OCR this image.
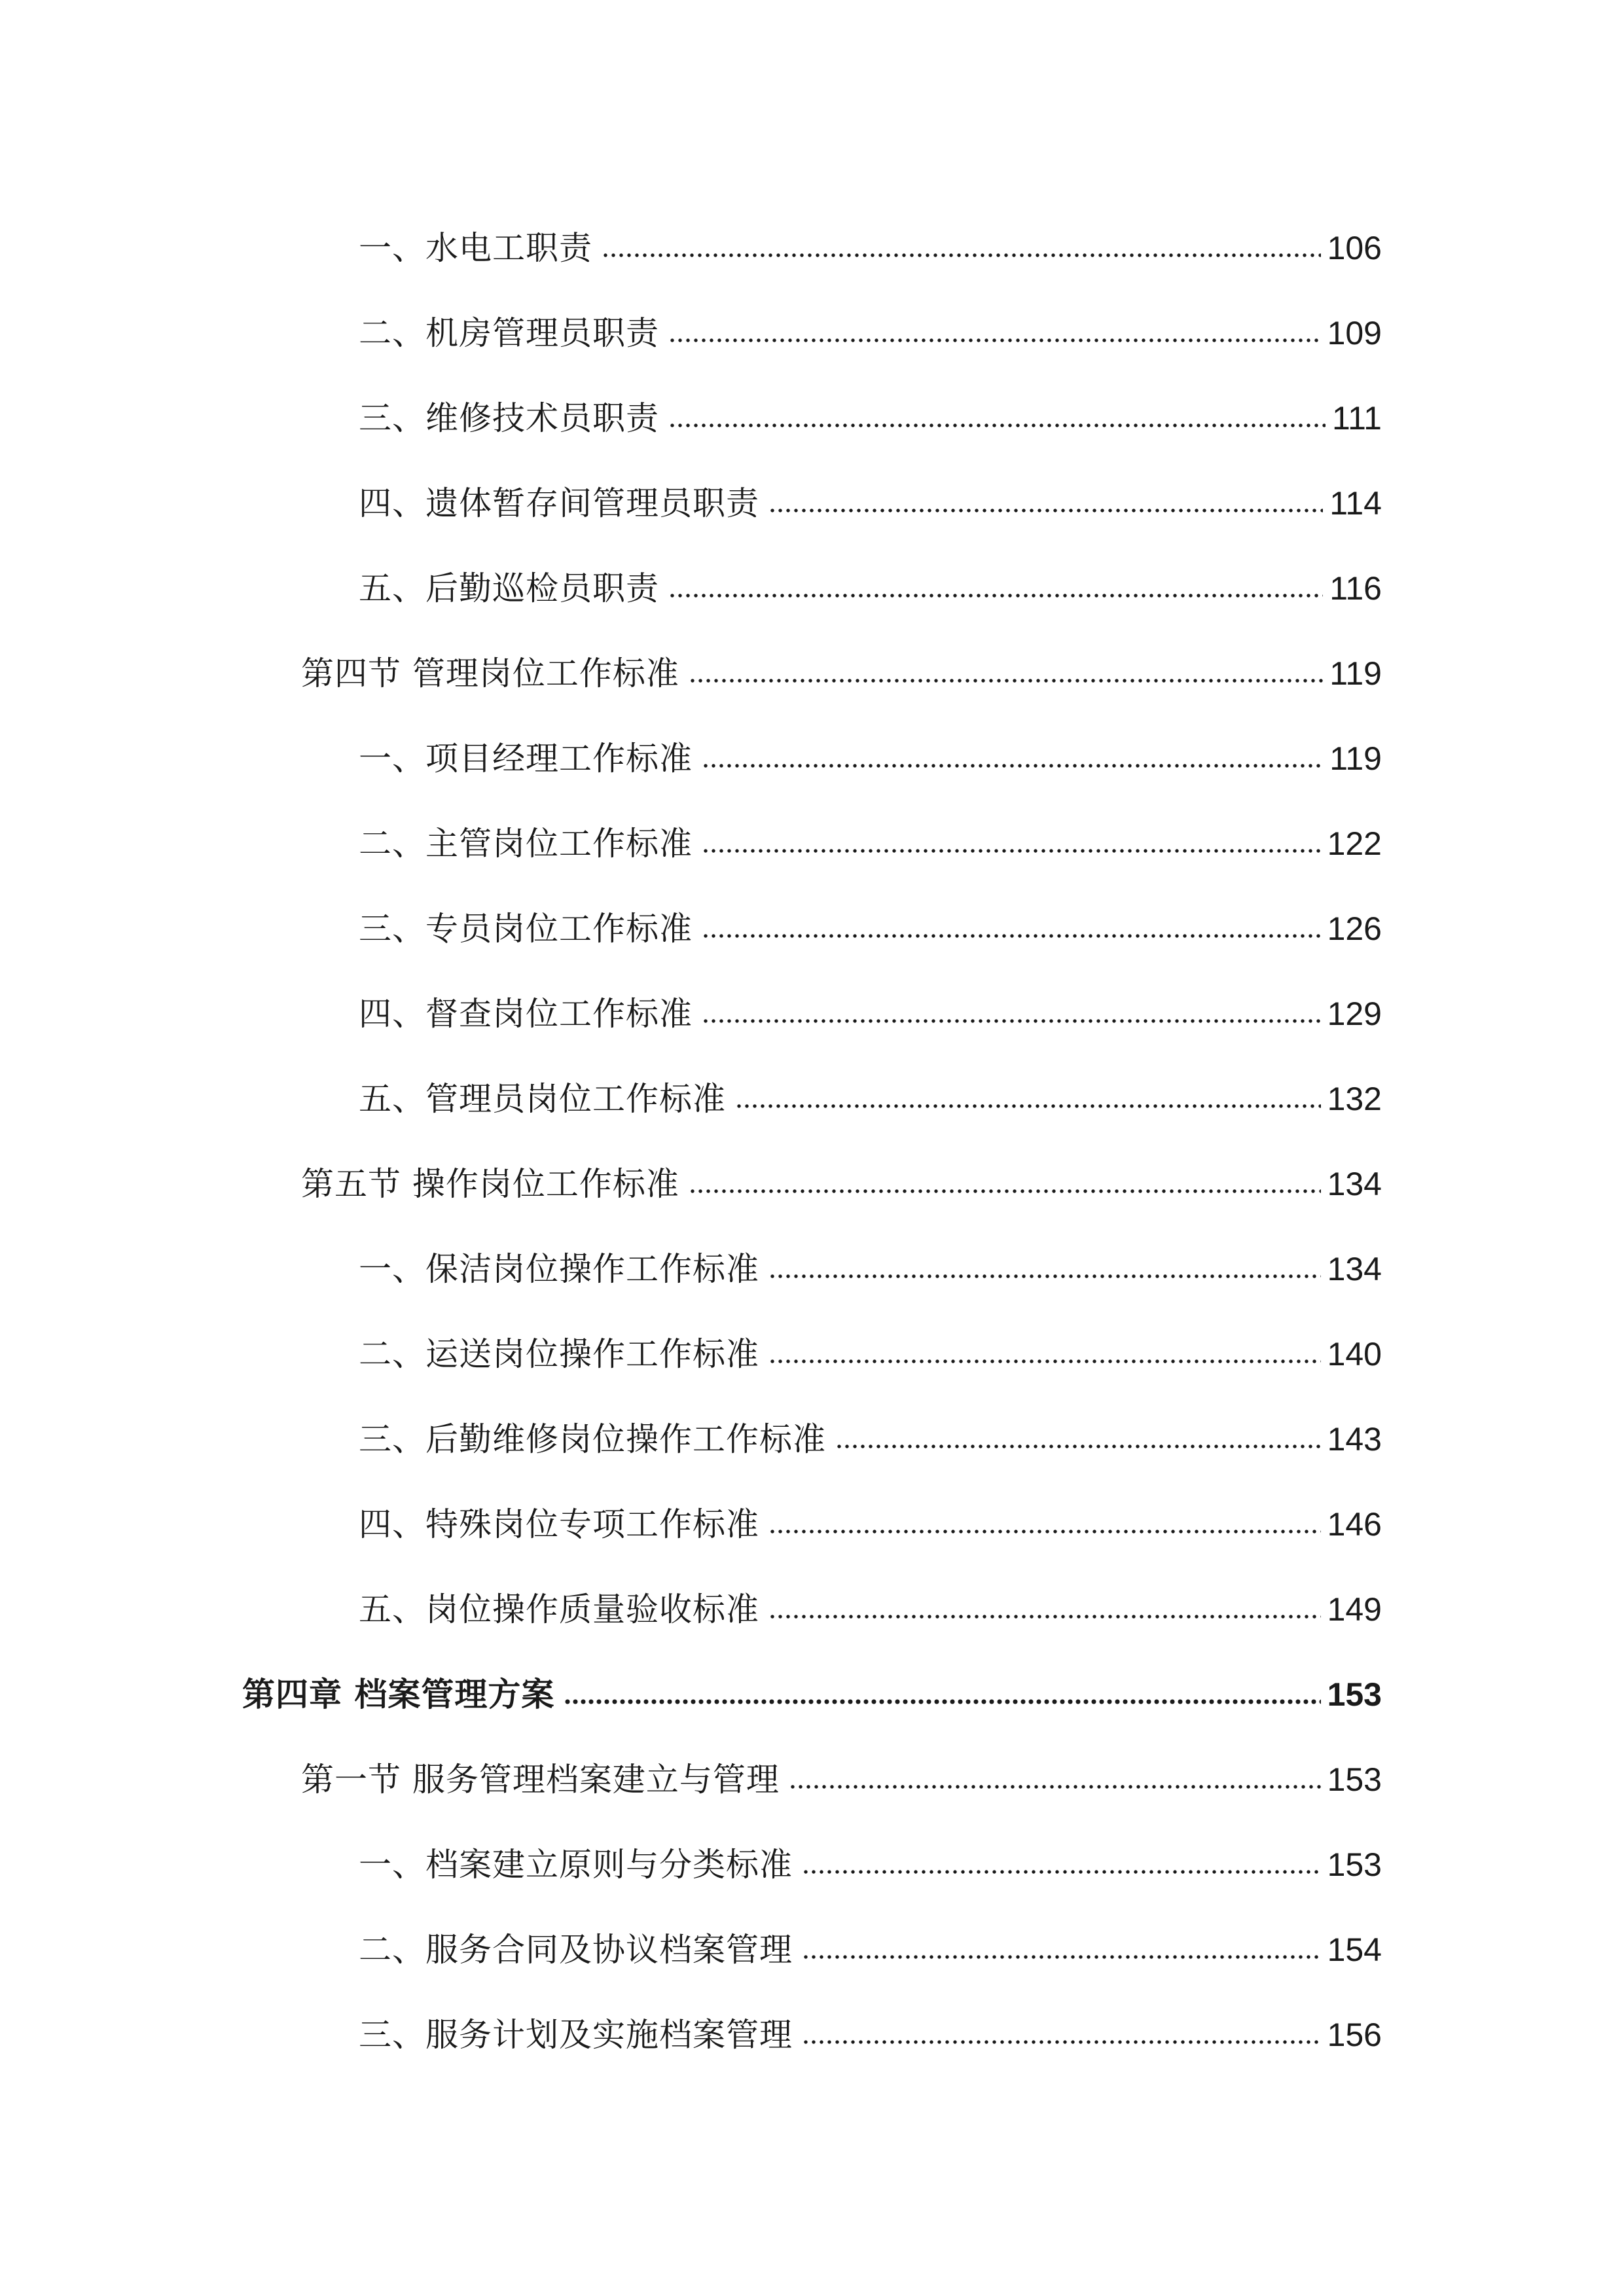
一、水电工职责	106
二、机房管理员职责	109
三、维修技术员职责	111
四、遗体暂存间管理员职责	114
五、后勤巡检员职责	116
第四节 管理岗位工作标准	119
一、项目经理工作标准	119
二、主管岗位工作标准	122
三、专员岗位工作标准	126
四、督查岗位工作标准	129
五、管理员岗位工作标准	132
第五节 操作岗位工作标准	134
一、保洁岗位操作工作标准	134
二、运送岗位操作工作标准	140
三、后勤维修岗位操作工作标准	143
四、特殊岗位专项工作标准	146
五、岗位操作质量验收标准	149
第四章 档案管理方案	153
第一节 服务管理档案建立与管理	153
一、档案建立原则与分类标准	153
二、服务合同及协议档案管理	154
三、服务计划及实施档案管理	156
